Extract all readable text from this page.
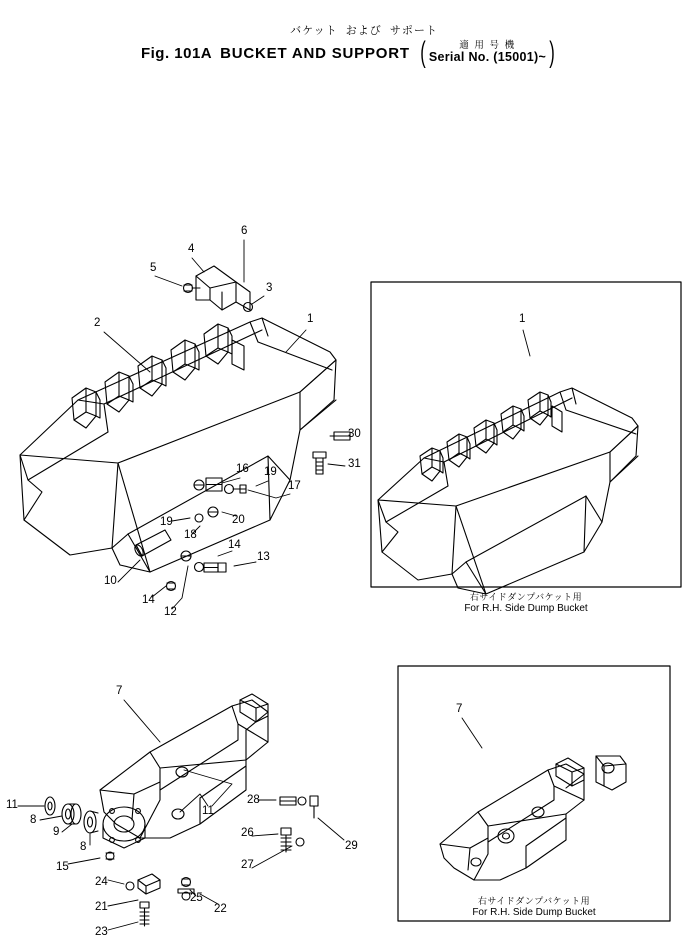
バケット  および  サポート
Fig. 101A BUCKET AND SUPPORT (	適 用 号 機
Serial No. (15001)~ )
5
4
6
3
1
2
30
31
16 19
17
20
19
18
14
13
10
14
12
7
11
8
9
8
15
11
28
26
29
27
24
21
25
22
23
1
右サイドダンプバケット用
For R.H. Side Dump Bucket
7
右サイドダンプバケット用
For R.H. Side Dump Bucket
